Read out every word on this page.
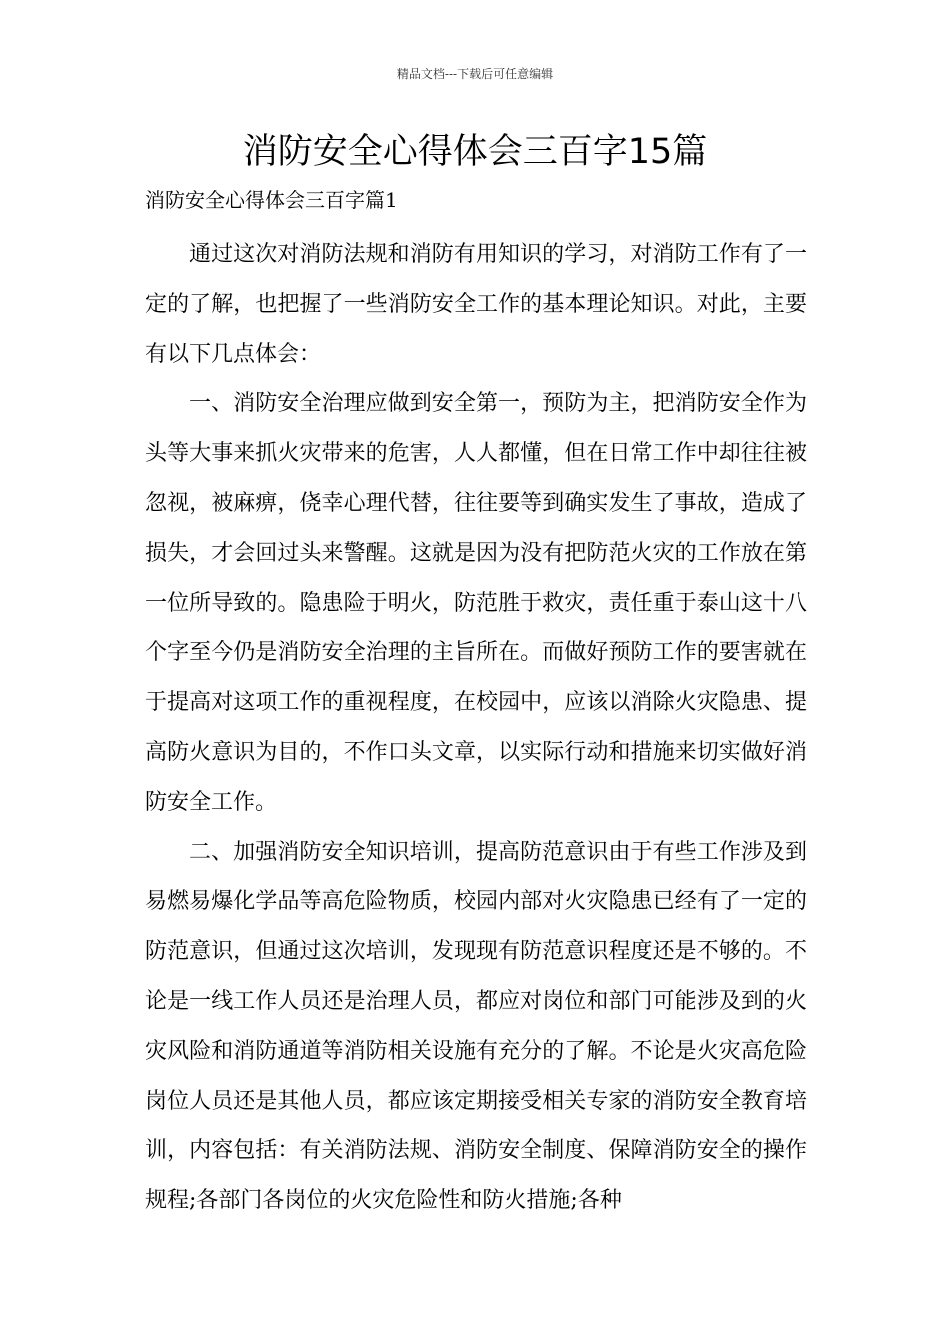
精品文档---下载后可任意编辑
消防安全心得体会三百字15篇
消防安全心得体会三百字篇1

通过这次对消防法规和消防有用知识的学习，对消防工作有了一定的了解，也把握了一些消防安全工作的基本理论知识。对此，主要有以下几点体会：

一、消防安全治理应做到安全第一，预防为主，把消防安全作为头等大事来抓火灾带来的危害，人人都懂，但在日常工作中却往往被忽视，被麻痹，侥幸心理代替，往往要等到确实发生了事故，造成了损失，才会回过头来警醒。这就是因为没有把防范火灾的工作放在第一位所导致的。隐患险于明火，防范胜于救灾，责任重于泰山这十八个字至今仍是消防安全治理的主旨所在。而做好预防工作的要害就在于提高对这项工作的重视程度，在校园中，应该以消除火灾隐患、提高防火意识为目的，不作口头文章，以实际行动和措施来切实做好消防安全工作。

二、加强消防安全知识培训，提高防范意识由于有些工作涉及到易燃易爆化学品等高危险物质，校园内部对火灾隐患已经有了一定的防范意识，但通过这次培训，发现现有防范意识程度还是不够的。不论是一线工作人员还是治理人员，都应对岗位和部门可能涉及到的火灾风险和消防通道等消防相关设施有充分的了解。不论是火灾高危险岗位人员还是其他人员，都应该定期接受相关专家的消防安全教育培训，内容包括：有关消防法规、消防安全制度、保障消防安全的操作规程;各部门各岗位的火灾危险性和防火措施;各种
